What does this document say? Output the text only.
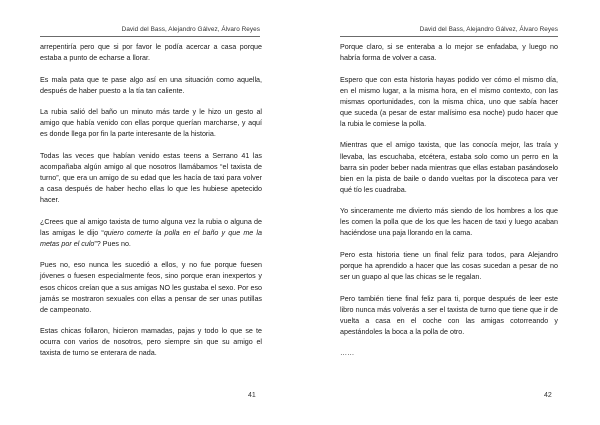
David del Bass, Alejandro Gálvez, Álvaro Reyes

arrepentiría pero que si por favor le podía acercar a casa porque estaba a punto de echarse a llorar.

Es mala pata que te pase algo así en una situación como aquella, después de haber puesto a la tía tan caliente.

La rubia salió del baño un minuto más tarde y le hizo un gesto al amigo que había venido con ellas porque querían marcharse, y aquí es donde llega por fin la parte interesante de la historia.

Todas las veces que habían venido estas teens a Serrano 41 las acompañaba algún amigo al que nosotros llamábamos “el taxista de turno”, que era un amigo de su edad que les hacía de taxi para volver a casa después de haber hecho ellas lo que les hubiese apetecido hacer.

¿Crees que al amigo taxista de turno alguna vez la rubia o alguna de las amigas le dijo “quiero comerte la polla en el baño y que me la metas por el culo”? Pues no.

Pues no, eso nunca les sucedió a ellos, y no fue porque fuesen jóvenes o fuesen especialmente feos, sino porque eran inexpertos y esos chicos creían que a sus amigas NO les gustaba el sexo. Por eso jamás se mostraron sexuales con ellas a pensar de ser unas putillas de campeonato.

Estas chicas follaron, hicieron mamadas, pajas y todo lo que se te ocurra con varios de nosotros, pero siempre sin que su amigo el taxista de turno se enterara de nada.

41
David del Bass, Alejandro Gálvez, Álvaro Reyes

Porque claro, si se enteraba a lo mejor se enfadaba, y luego no habría forma de volver a casa.

Espero que con esta historia hayas podido ver cómo el mismo día, en el mismo lugar, a la misma hora, en el mismo contexto, con las mismas oportunidades, con la misma chica, uno que sabía hacer que suceda (a pesar de estar malísimo esa noche) pudo hacer que la rubia le comiese la polla.

Mientras que el amigo taxista, que las conocía mejor, las traía y llevaba, las escuchaba, etcétera, estaba solo como un perro en la barra sin poder beber nada mientras que ellas estaban pasándoselo bien en la pista de baile o dando vueltas por la discoteca para ver qué tío les cuadraba.

Yo sinceramente me divierto más siendo de los hombres a los que les comen la polla que de los que les hacen de taxi y luego acaban haciéndose una paja llorando en la cama.

Pero esta historia tiene un final feliz para todos, para Alejandro porque ha aprendido a hacer que las cosas sucedan a pesar de no ser un guapo al que las chicas se le regalan.

Pero también tiene final feliz para ti, porque después de leer este libro nunca más volverás a ser el taxista de turno que tiene que ir de vuelta a casa en el coche con las amigas cotorreando y apestándoles la boca a la polla de otro.

……

42
